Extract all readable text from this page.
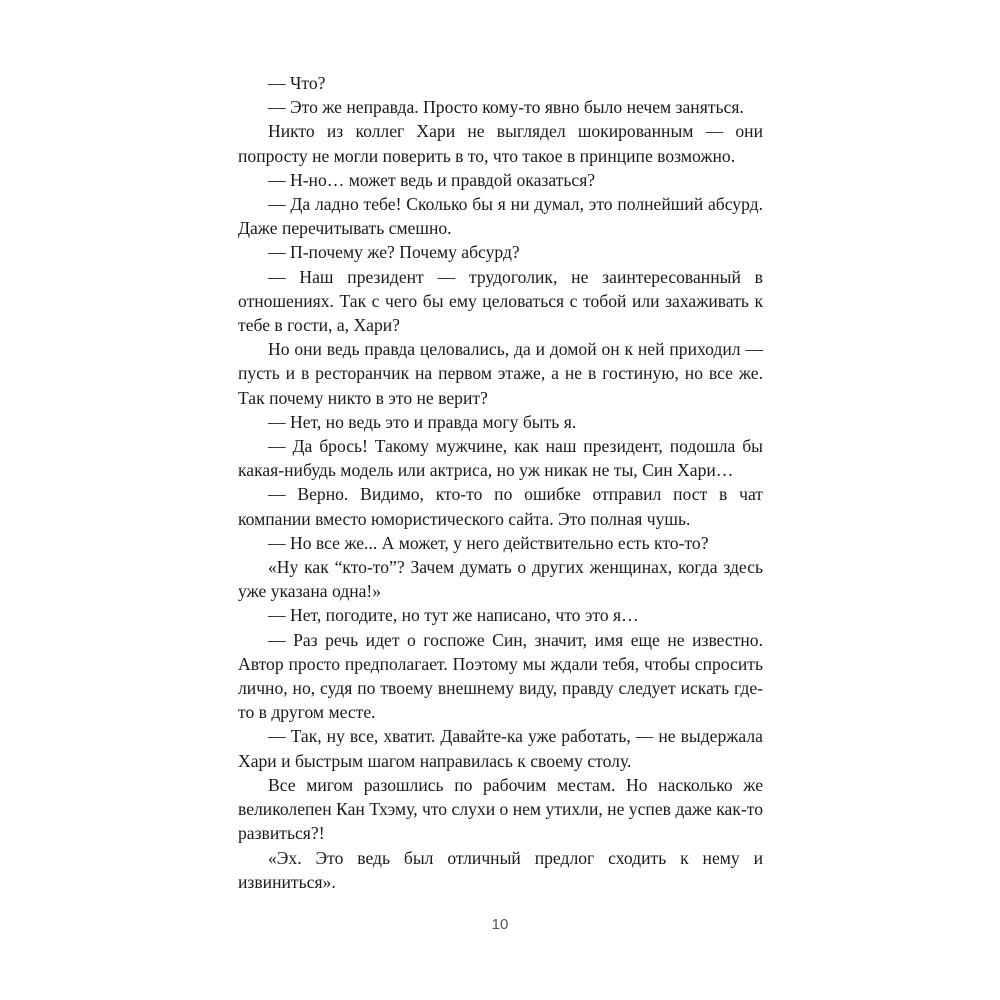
— Что?

— Это же неправда. Просто кому-то явно было нечем заняться.

Никто из коллег Хари не выглядел шокированным — они попросту не могли поверить в то, что такое в принципе возможно.

— Н-но… может ведь и правдой оказаться?

— Да ладно тебе! Сколько бы я ни думал, это полнейший абсурд. Даже перечитывать смешно.

— П-почему же? Почему абсурд?

— Наш президент — трудоголик, не заинтересованный в отношениях. Так с чего бы ему целоваться с тобой или захаживать к тебе в гости, а, Хари?

Но они ведь правда целовались, да и домой он к ней приходил — пусть и в ресторанчик на первом этаже, а не в гостиную, но все же. Так почему никто в это не верит?

— Нет, но ведь это и правда могу быть я.

— Да брось! Такому мужчине, как наш президент, подошла бы какая-нибудь модель или актриса, но уж никак не ты, Син Хари…

— Верно. Видимо, кто-то по ошибке отправил пост в чат компании вместо юмористического сайта. Это полная чушь.

— Но все же... А может, у него действительно есть кто-то?

«Ну как “кто-то”? Зачем думать о других женщинах, когда здесь уже указана одна!»

— Нет, погодите, но тут же написано, что это я…

— Раз речь идет о госпоже Син, значит, имя еще не известно. Автор просто предполагает. Поэтому мы ждали тебя, чтобы спросить лично, но, судя по твоему внешнему виду, правду следует искать где-то в другом месте.

— Так, ну все, хватит. Давайте-ка уже работать, — не выдержала Хари и быстрым шагом направилась к своему столу.

Все мигом разошлись по рабочим местам. Но насколько же великолепен Кан Тхэму, что слухи о нем утихли, не успев даже как-то развиться?!

«Эх. Это ведь был отличный предлог сходить к нему и извиниться».

10
